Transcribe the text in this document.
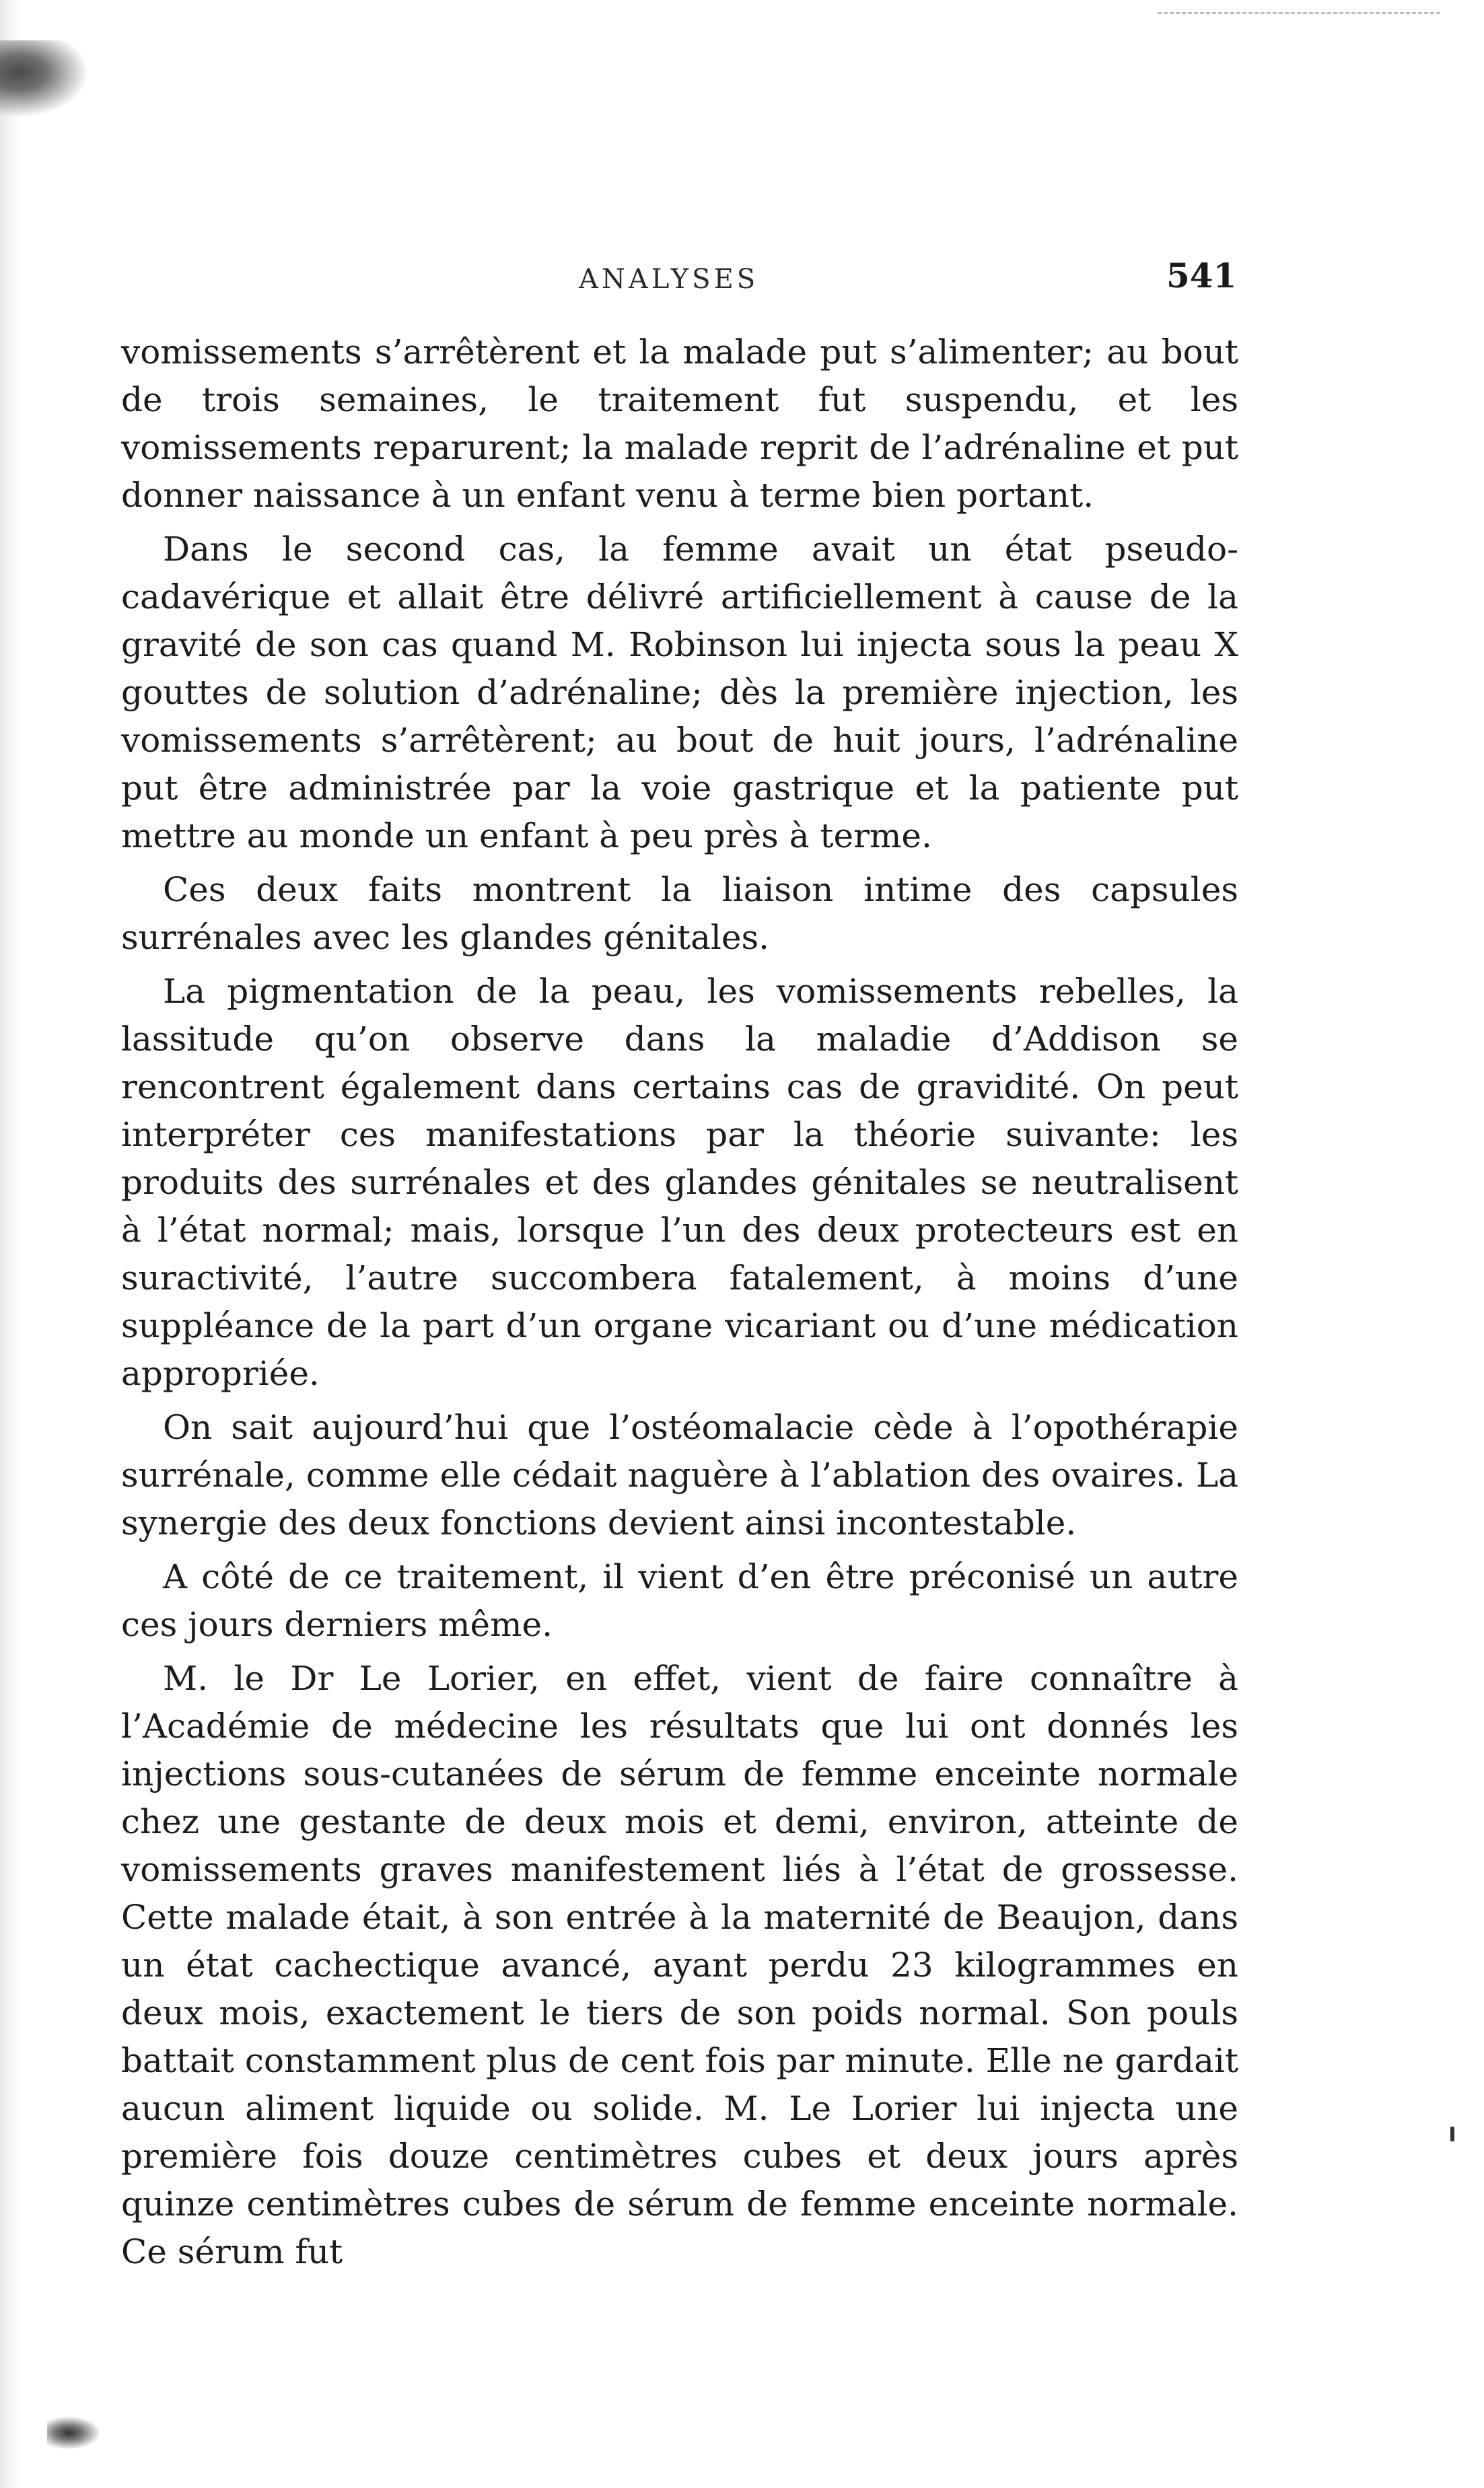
ANALYSES	541

vomissements s’arrêtèrent et la malade put s’alimenter; au bout de trois semaines, le traitement fut suspendu, et les vomissements reparurent; la malade reprit de l’adrénaline et put donner naissance à un enfant venu à terme bien portant.

Dans le second cas, la femme avait un état pseudo-cadavérique et allait être délivré artificiellement à cause de la gravité de son cas quand M. Robinson lui injecta sous la peau X gouttes de solution d’adrénaline; dès la première injection, les vomissements s’arrêtèrent; au bout de huit jours, l’adrénaline put être administrée par la voie gastrique et la patiente put mettre au monde un enfant à peu près à terme.

Ces deux faits montrent la liaison intime des capsules surrénales avec les glandes génitales.

La pigmentation de la peau, les vomissements rebelles, la lassitude qu’on observe dans la maladie d’Addison se rencontrent également dans certains cas de gravidité. On peut interpréter ces manifestations par la théorie suivante: les produits des surrénales et des glandes génitales se neutralisent à l’état normal; mais, lorsque l’un des deux protecteurs est en suractivité, l’autre succombera fatalement, à moins d’une suppléance de la part d’un organe vicariant ou d’une médication appropriée.

On sait aujourd’hui que l’ostéomalacie cède à l’opothérapie surrénale, comme elle cédait naguère à l’ablation des ovaires. La synergie des deux fonctions devient ainsi incontestable.

A côté de ce traitement, il vient d’en être préconisé un autre ces jours derniers même.

M. le Dr Le Lorier, en effet, vient de faire connaître à l’Académie de médecine les résultats que lui ont donnés les injections sous-cutanées de sérum de femme enceinte normale chez une gestante de deux mois et demi, environ, atteinte de vomissements graves manifestement liés à l’état de grossesse. Cette malade était, à son entrée à la maternité de Beaujon, dans un état cachectique avancé, ayant perdu 23 kilogrammes en deux mois, exactement le tiers de son poids normal. Son pouls battait constamment plus de cent fois par minute. Elle ne gardait aucun aliment liquide ou solide. M. Le Lorier lui injecta une première fois douze centimètres cubes et deux jours après quinze centimètres cubes de sérum de femme enceinte normale. Ce sérum fut
